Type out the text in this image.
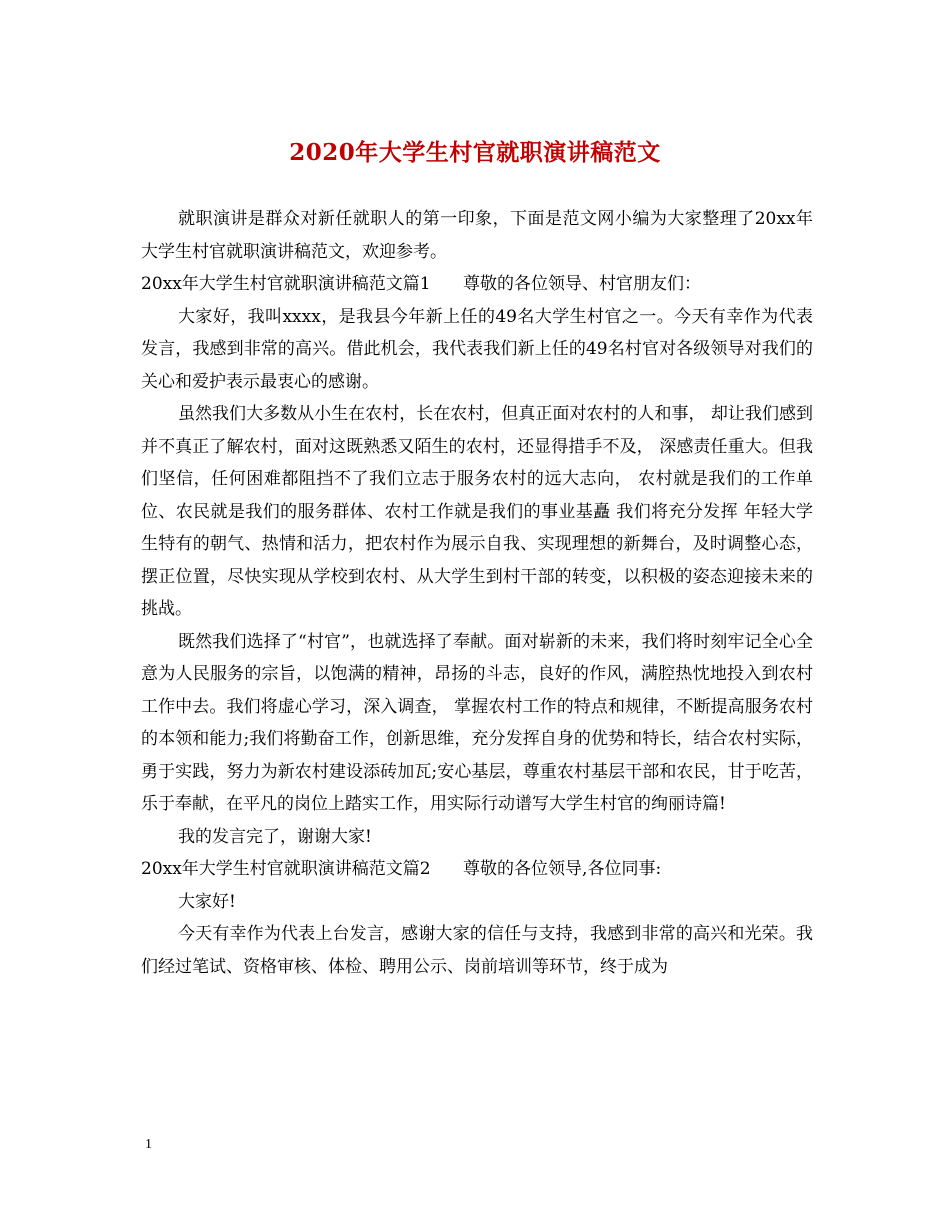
2020年大学生村官就职演讲稿范文

就职演讲是群众对新任就职人的第一印象，下面是范文网小编为大家整理了20xx年大学生村官就职演讲稿范文，欢迎参考。

20xx年大学生村官就职演讲稿范文篇1      尊敬的各位领导、村官朋友们：

大家好，我叫xxxx，是我县今年新上任的49名大学生村官之一。今天有幸作为代表发言，我感到非常的高兴。借此机会，我代表我们新上任的49名村官对各级领导对我们的关心和爱护表示最衷心的感谢。

虽然我们大多数从小生在农村，长在农村，但真正面对农村的人和事， 却让我们感到并不真正了解农村，面对这既熟悉又陌生的农村，还显得措手不及， 深感责任重大。但我们坚信，任何困难都阻挡不了我们立志于服务农村的远大志向， 农村就是我们的工作单位、农民就是我们的服务群体、农村工作就是我们的事业基矗 我们将充分发挥 年轻大学生特有的朝气、热情和活力，把农村作为展示自我、实现理想的新舞台，及时调整心态，摆正位置，尽快实现从学校到农村、从大学生到村干部的转变，以积极的姿态迎接未来的挑战。

既然我们选择了“村官”，也就选择了奉献。面对崭新的未来，我们将时刻牢记全心全意为人民服务的宗旨，以饱满的精神，昂扬的斗志，良好的作风，满腔热忱地投入到农村工作中去。我们将虚心学习，深入调查， 掌握农村工作的特点和规律，不断提高服务农村的本领和能力;我们将勤奋工作，创新思维，充分发挥自身的优势和特长，结合农村实际，勇于实践，努力为新农村建设添砖加瓦;安心基层，尊重农村基层干部和农民，甘于吃苦，乐于奉献，在平凡的岗位上踏实工作，用实际行动谱写大学生村官的绚丽诗篇!

我的发言完了，谢谢大家!

20xx年大学生村官就职演讲稿范文篇2      尊敬的各位领导,各位同事:

大家好!

今天有幸作为代表上台发言，感谢大家的信任与支持，我感到非常的高兴和光荣。我们经过笔试、资格审核、体检、聘用公示、岗前培训等环节，终于成为

1
